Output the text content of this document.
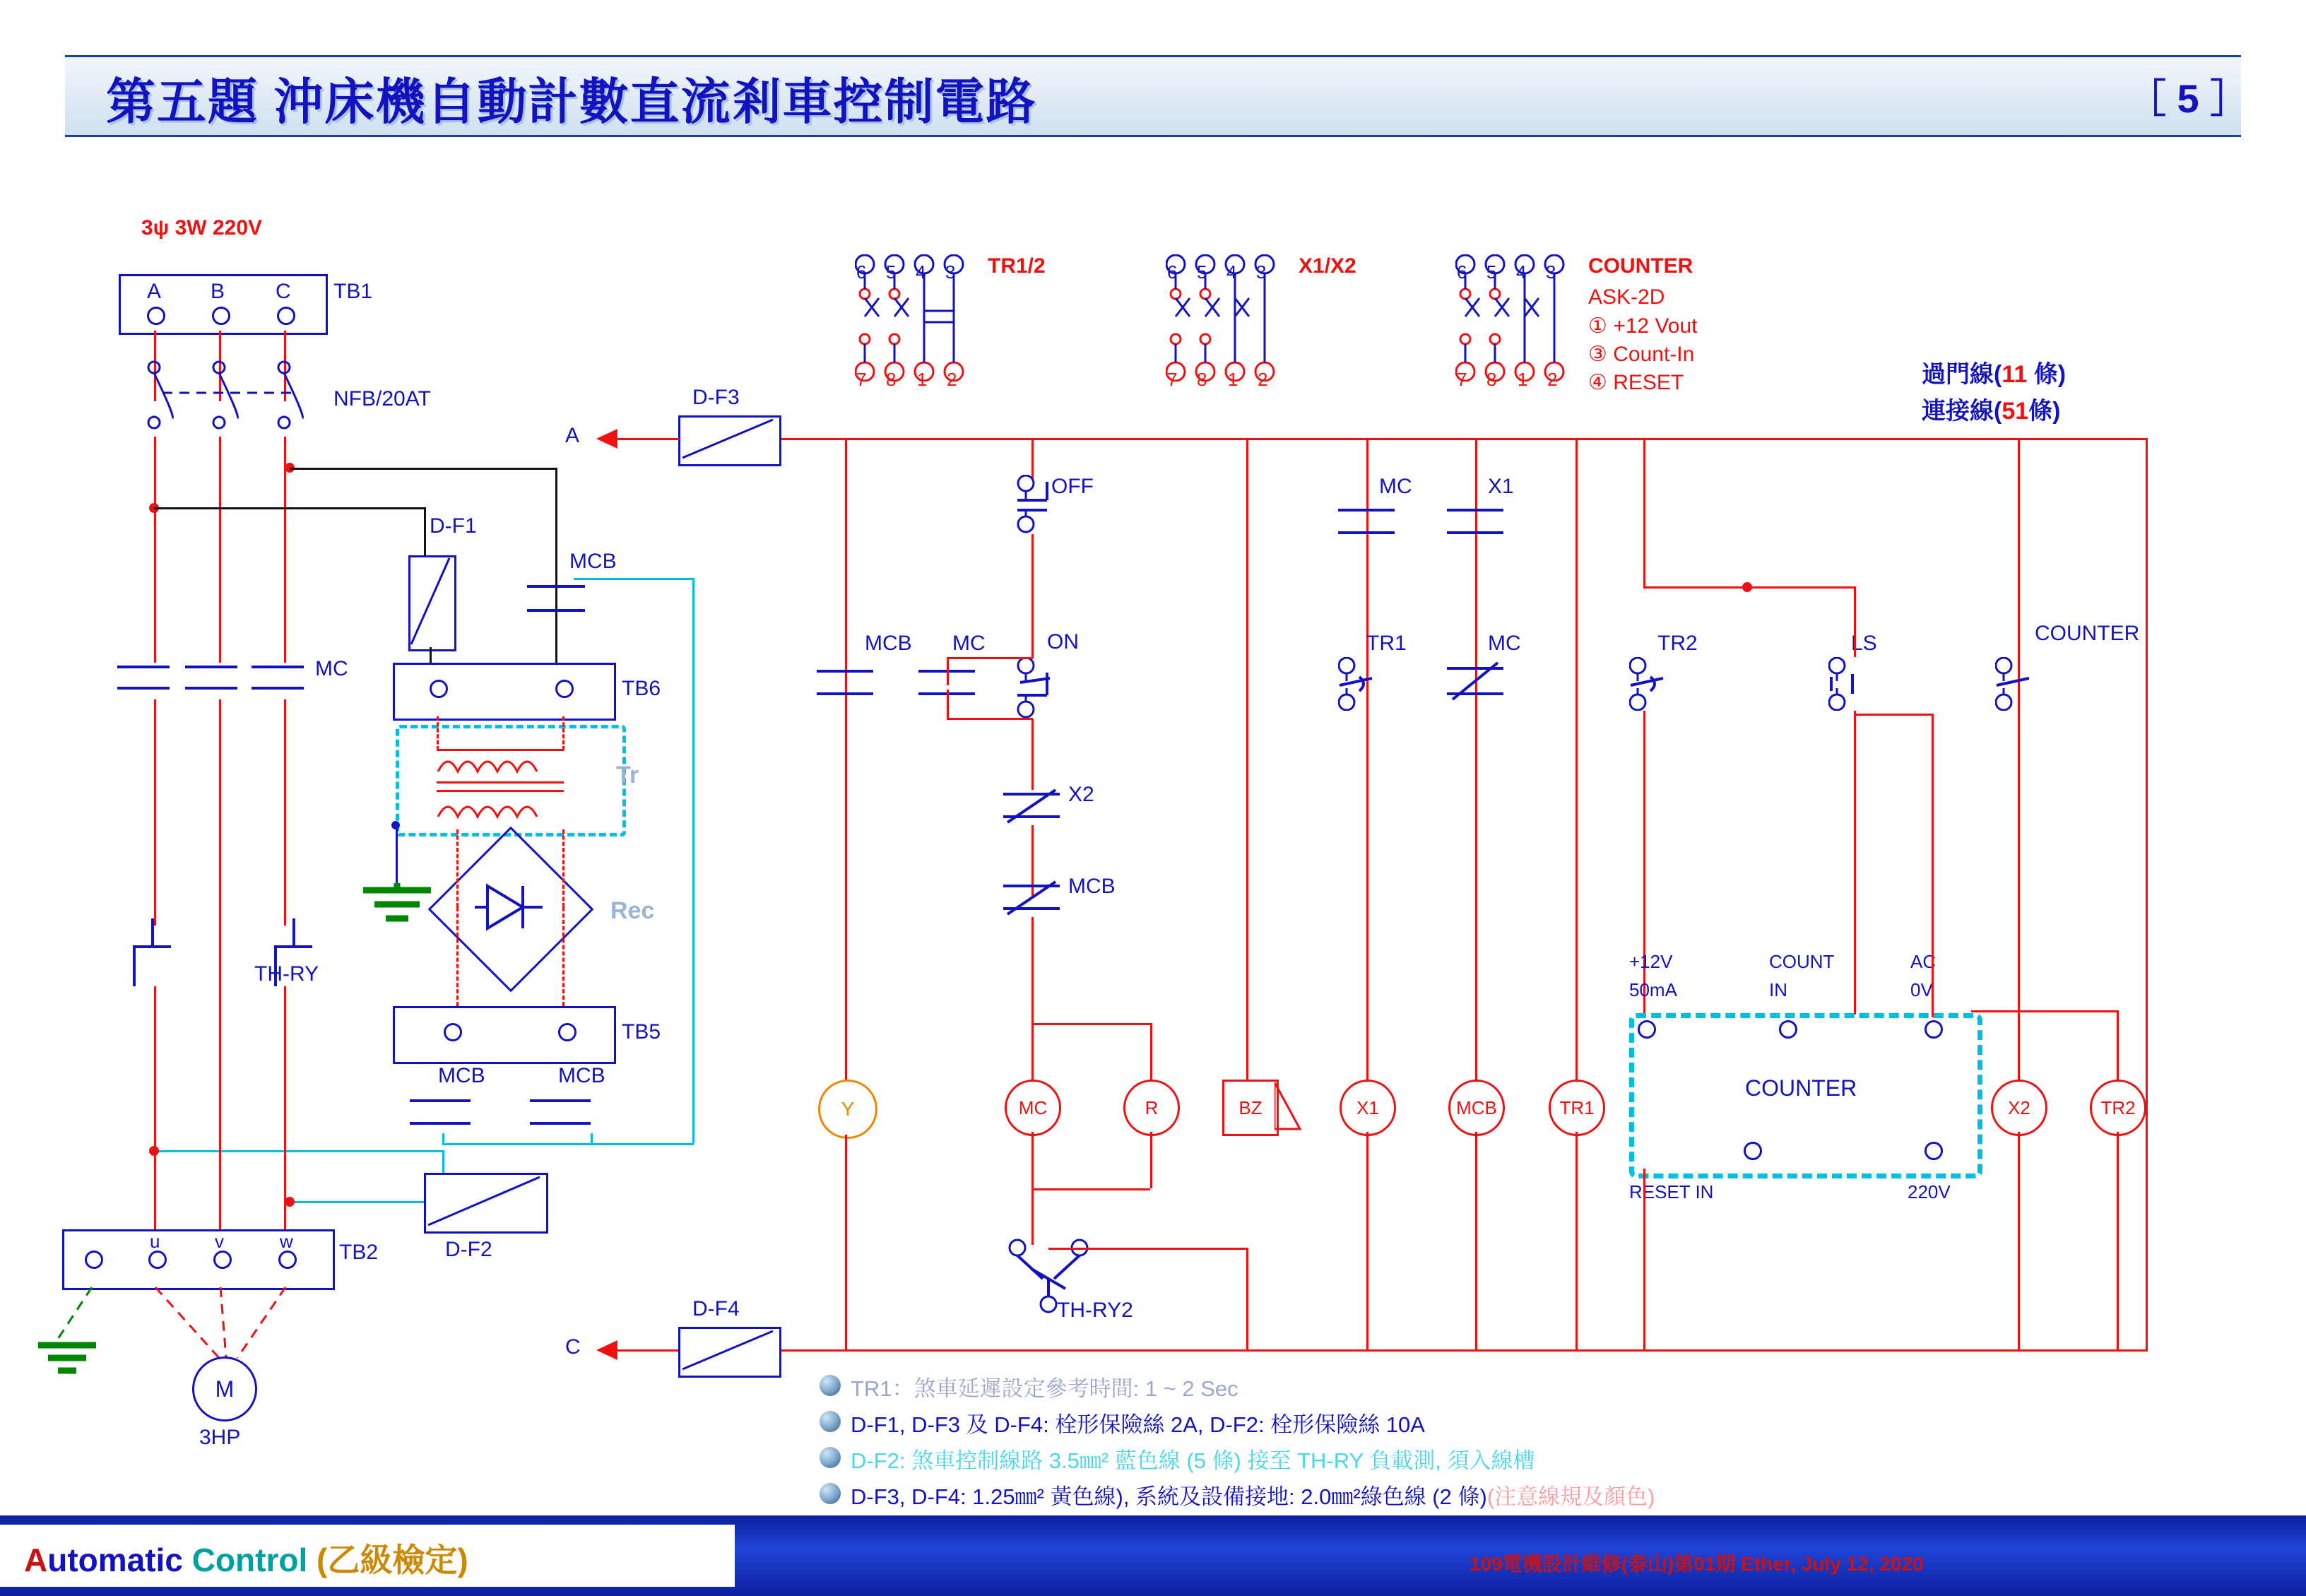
第五題 沖床機自動計數直流剎車控制電路	［ 5 ］
3ψ 3W 220V
A B C TB1
NFB/20AT
D-F1
MCB
MC
TB6
Tr
Rec
TH-RY
TB5
MCB	MCB
D-F2
u	v	w TB2
M
3HP
6 5 4 3
7 8 1 2
TR1/2	6 5 4 3
7 8 1 2
X1/X2	6 5 4 3
7 8 1 2
COUNTER
ASK-2D
① +12 Vout
③ Count-In
④ RESET	過門線(11 條)
連接線(51條)
D-F3
A
D-F4
C
MCB
Y
OFF
ON
MC
X2
MCB
MC	R
TH-RY2
BZ
MC
TR1
X1
X1
MC
MCB	TR1
TR2	LS
COUNTER
+12V
50mA
COUNT
IN
AC
0V
RESET IN	220V
COUNTER
X2	TR2
TR1：煞車延遲設定參考時間: 1 ~ 2 Sec
D-F1, D-F3 及 D-F4: 栓形保險絲 2A, D-F2: 栓形保險絲 10A
D-F2: 煞車控制線路 3.5㎜² 藍色線 (5 條) 接至 TH-RY 負載測, 須入線槽
D-F3, D-F4: 1.25㎜² 黃色線), 系統及設備接地: 2.0㎜²綠色線 (2 條) (注意線規及顏色)
Automatic Control (乙級檢定)	109電機設計維修(泰山)第01期 Ether, July 12, 2020
